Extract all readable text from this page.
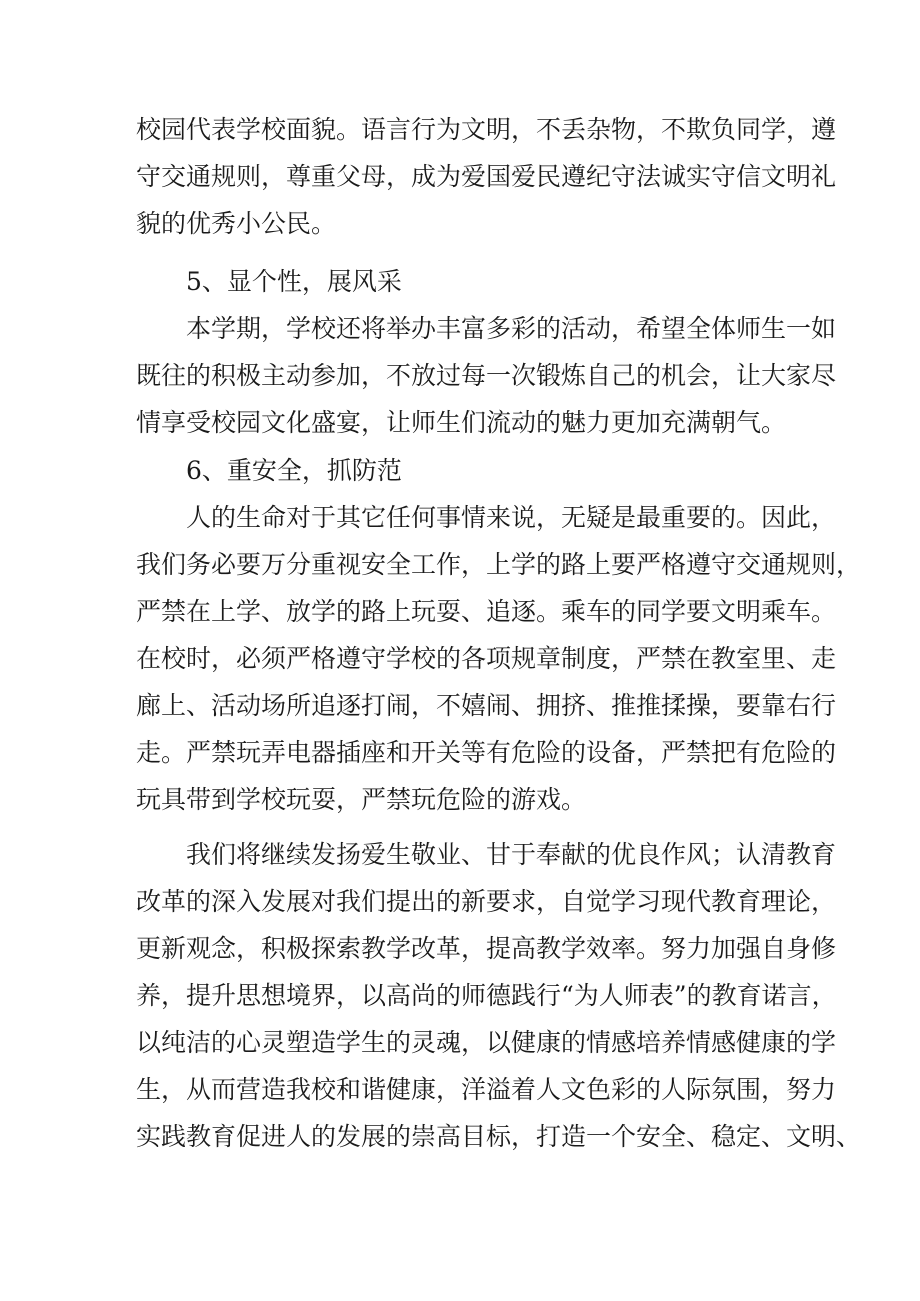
校园代表学校面貌。语言行为文明，不丢杂物，不欺负同学，遵
守交通规则，尊重父母，成为爱国爱民遵纪守法诚实守信文明礼
貌的优秀小公民。
5、显个性，展风采
本学期，学校还将举办丰富多彩的活动，希望全体师生一如
既往的积极主动参加，不放过每一次锻炼自己的机会，让大家尽
情享受校园文化盛宴，让师生们流动的魅力更加充满朝气。
6、重安全，抓防范
人的生命对于其它任何事情来说，无疑是最重要的。因此，
我们务必要万分重视安全工作，上学的路上要严格遵守交通规则，
严禁在上学、放学的路上玩耍、追逐。乘车的同学要文明乘车。
在校时，必须严格遵守学校的各项规章制度，严禁在教室里、走
廊上、活动场所追逐打闹，不嬉闹、拥挤、推推揉操，要靠右行
走。严禁玩弄电器插座和开关等有危险的设备，严禁把有危险的
玩具带到学校玩耍，严禁玩危险的游戏。
我们将继续发扬爱生敬业、甘于奉献的优良作风；认清教育
改革的深入发展对我们提出的新要求，自觉学习现代教育理论，
更新观念，积极探索教学改革，提高教学效率。努力加强自身修
养，提升思想境界，以高尚的师德践行“为人师表”的教育诺言，
以纯洁的心灵塑造学生的灵魂，以健康的情感培养情感健康的学
生，从而营造我校和谐健康，洋溢着人文色彩的人际氛围，努力
实践教育促进人的发展的崇高目标，打造一个安全、稳定、文明、
